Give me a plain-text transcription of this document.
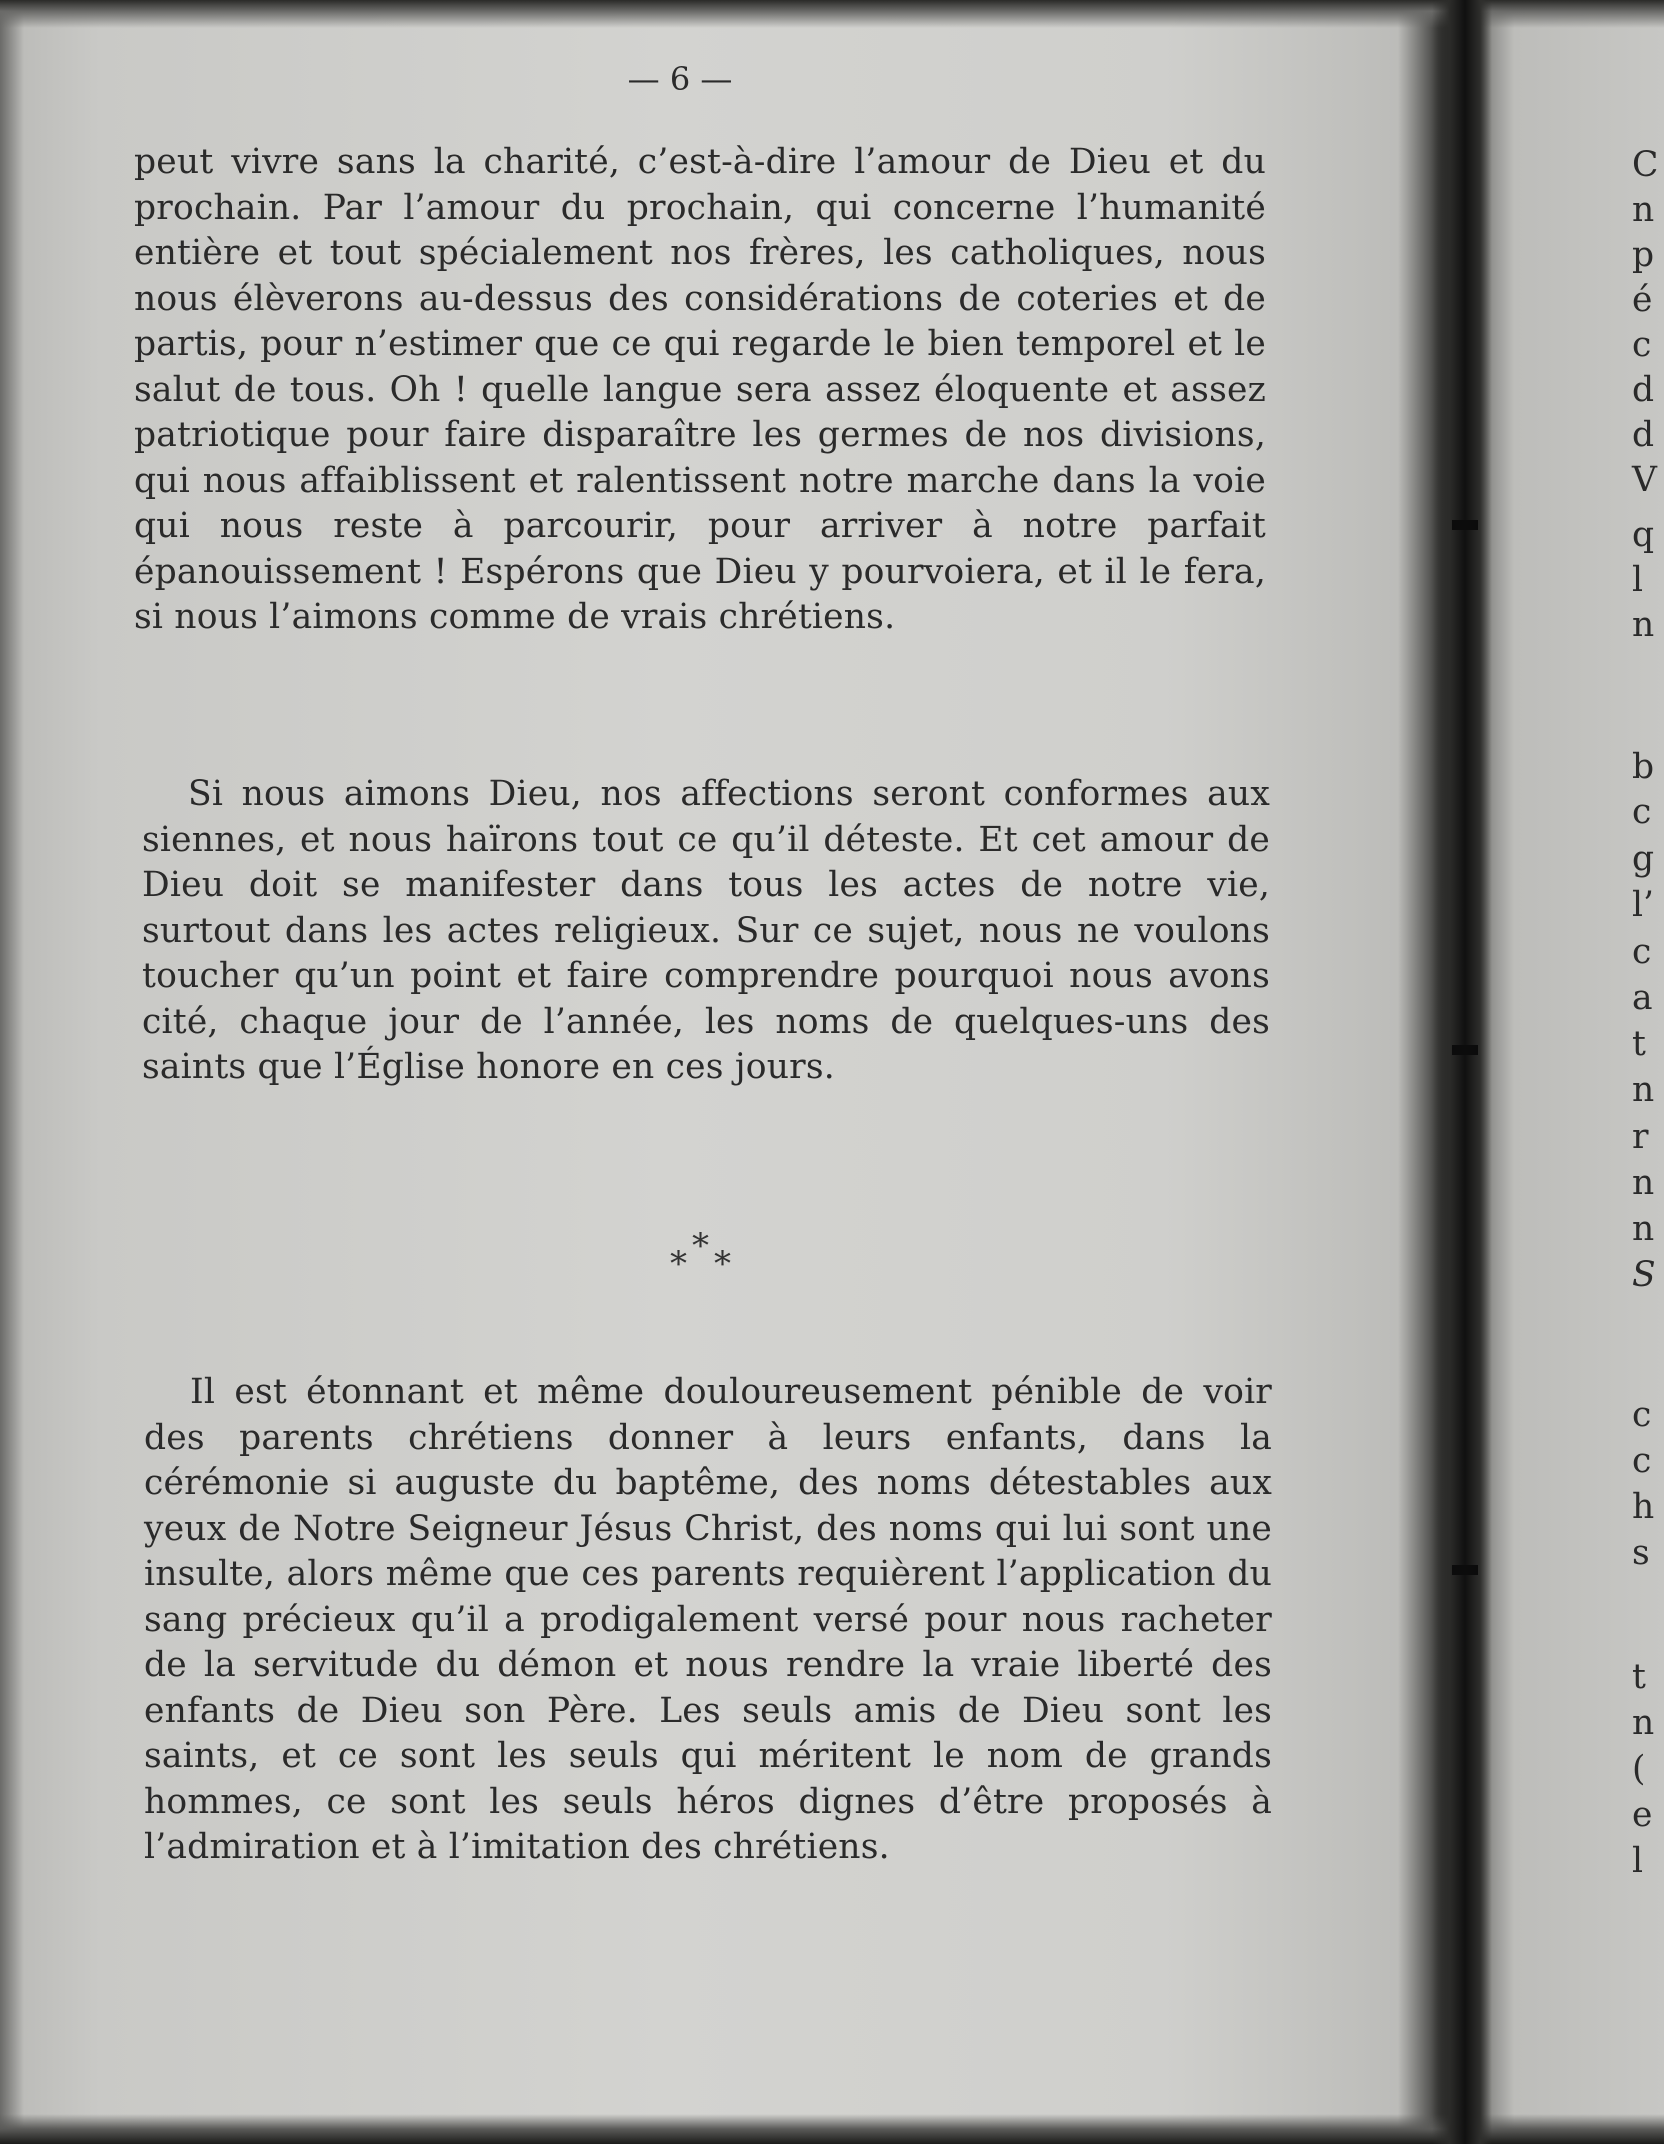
— 6 —

peut vivre sans la charité, c’est-à-dire l’amour de Dieu et du prochain. Par l’amour du prochain, qui concerne l’humanité entière et tout spécialement nos frères, les catholiques, nous nous élèverons au-dessus des considérations de coteries et de partis, pour n’estimer que ce qui regarde le bien temporel et le salut de tous. Oh ! quelle langue sera assez éloquente et assez patriotique pour faire disparaître les germes de nos divisions, qui nous affaiblissent et ralentissent notre marche dans la voie qui nous reste à parcourir, pour arriver à notre parfait épanouissement ! Espérons que Dieu y pourvoiera, et il le fera, si nous l’aimons comme de vrais chrétiens.

Si nous aimons Dieu, nos affections seront conformes aux siennes, et nous haïrons tout ce qu’il déteste. Et cet amour de Dieu doit se manifester dans tous les actes de notre vie, surtout dans les actes religieux. Sur ce sujet, nous ne voulons toucher qu’un point et faire comprendre pourquoi nous avons cité, chaque jour de l’année, les noms de quelques-uns des saints que l’Église honore en ces jours.

* * *

Il est étonnant et même douloureusement pénible de voir des parents chrétiens donner à leurs enfants, dans la cérémonie si auguste du baptême, des noms détestables aux yeux de Notre Seigneur Jésus Christ, des noms qui lui sont une insulte, alors même que ces parents requièrent l’application du sang précieux qu’il a prodigalement versé pour nous racheter de la servitude du démon et nous rendre la vraie liberté des enfants de Dieu son Père. Les seuls amis de Dieu sont les saints, et ce sont les seuls qui méritent le nom de grands hommes, ce sont les seuls héros dignes d’être proposés à l’admiration et à l’imitation des chrétiens.

C
n
p
é
c
d
d
V
q
l
n
b
c
g
l’
c
a
t
n
r
n
n
S
c
c
h
s
t
n
(
e
l
